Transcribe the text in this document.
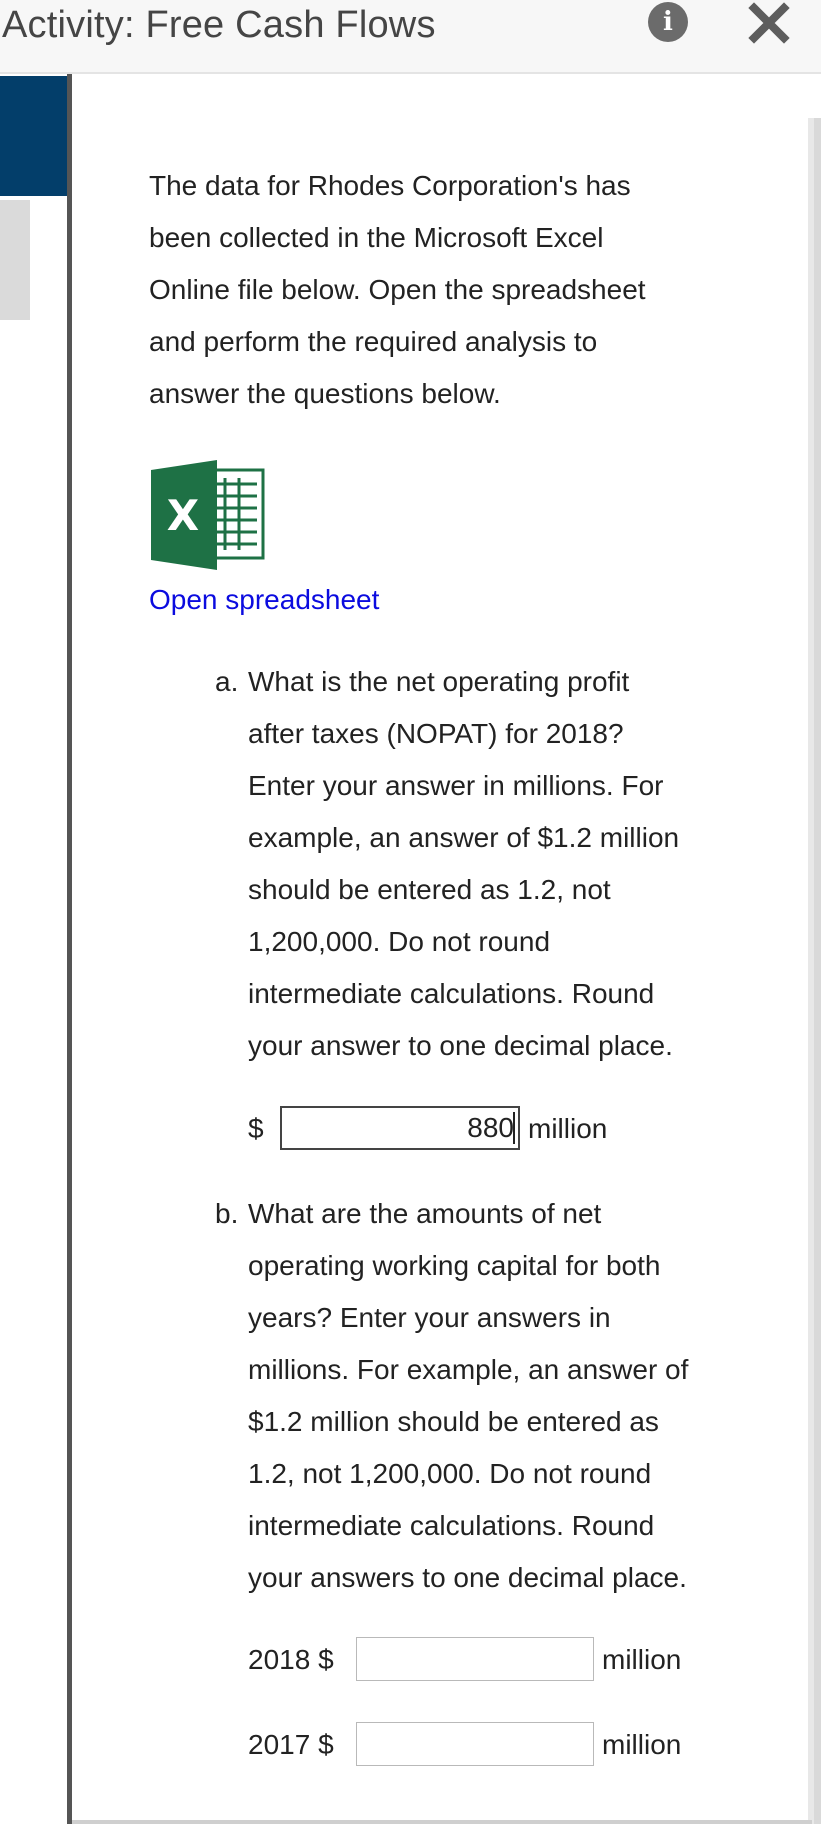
Activity: Free Cash Flows	i
The data for Rhodes Corporation's has
been collected in the Microsoft Excel
Online file below. Open the spreadsheet
and perform the required analysis to
answer the questions below.
X
Open spreadsheet
a. What is the net operating profit
after taxes (NOPAT) for 2018?
Enter your answer in millions. For
example, an answer of $1.2 million
should be entered as 1.2, not
1,200,000. Do not round
intermediate calculations. Round
your answer to one decimal place.
$
880	million
b. What are the amounts of net
operating working capital for both
years? Enter your answers in
millions. For example, an answer of
$1.2 million should be entered as
1.2, not 1,200,000. Do not round
intermediate calculations. Round
your answers to one decimal place.
2018 $	million
2017 $	million
